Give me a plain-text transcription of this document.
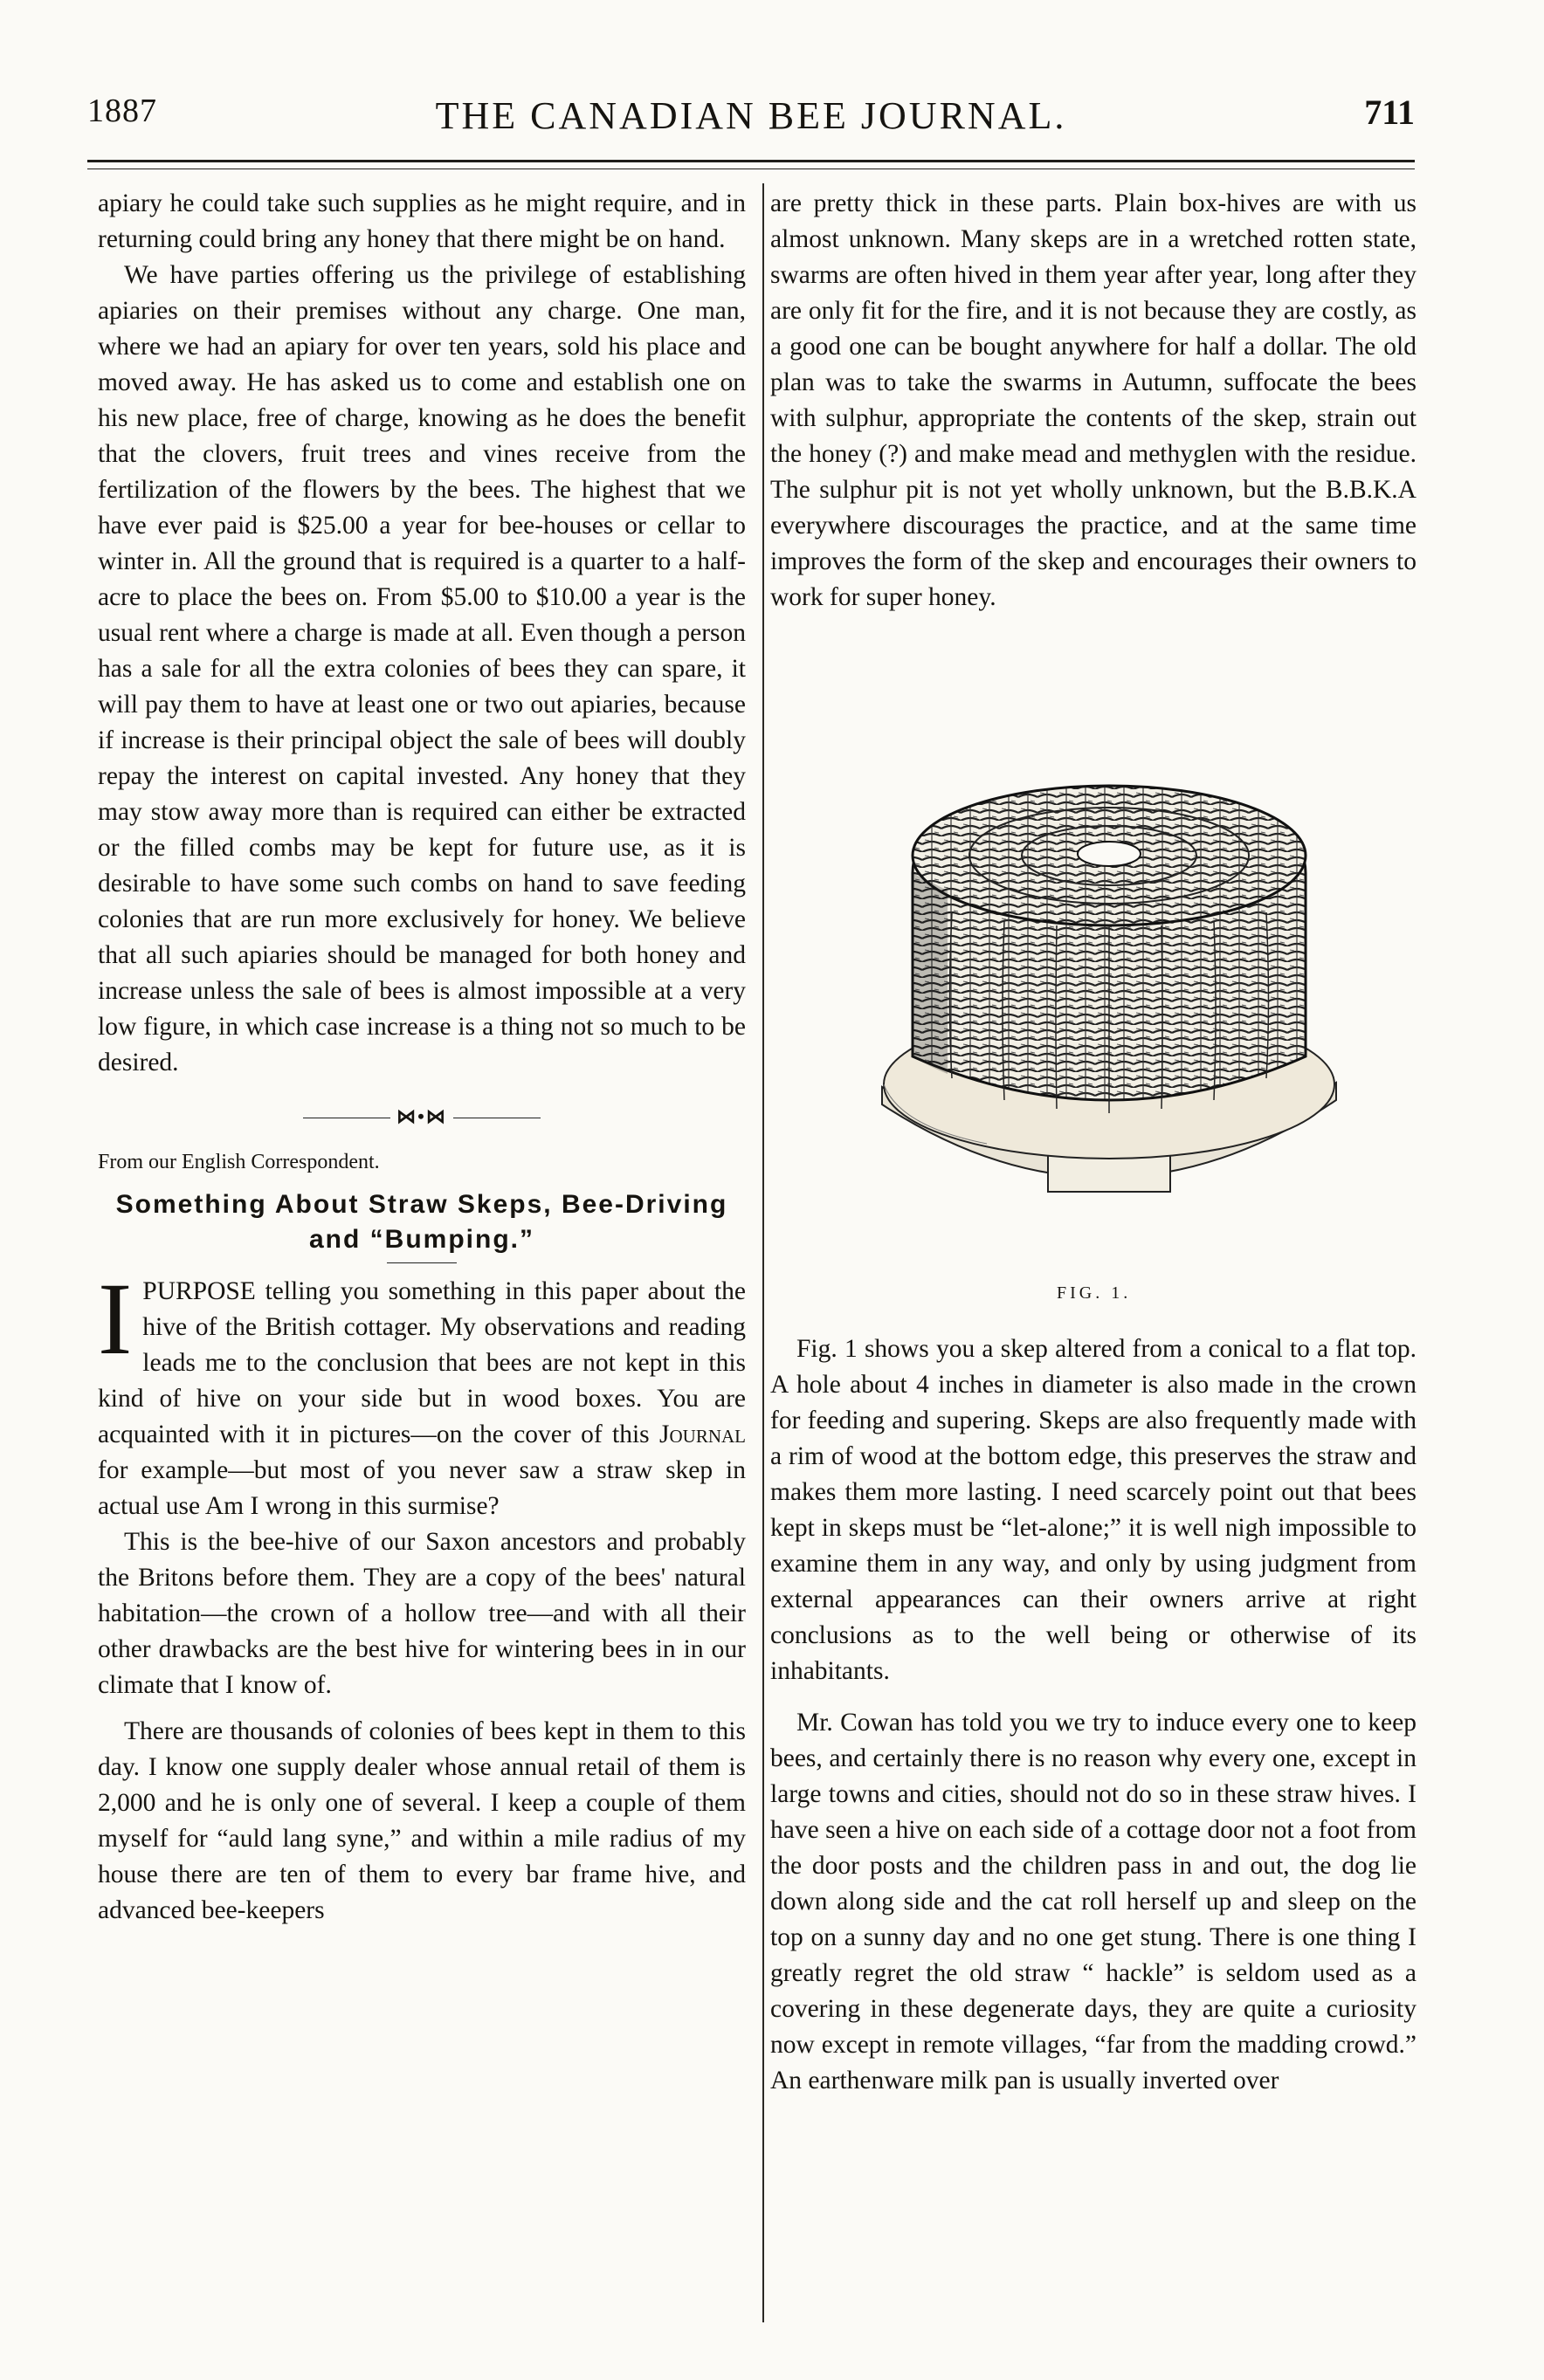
1887	THE CANADIAN BEE JOURNAL.	711

apiary he could take such supplies as he might require, and in returning could bring any honey that there might be on hand.

We have parties offering us the privilege of establishing apiaries on their premises without any charge. One man, where we had an apiary for over ten years, sold his place and moved away. He has asked us to come and establish one on his new place, free of charge, knowing as he does the benefit that the clovers, fruit trees and vines receive from the fertilization of the flowers by the bees. The highest that we have ever paid is $25.00 a year for bee-houses or cellar to winter in. All the ground that is required is a quarter to a half-acre to place the bees on. From $5.00 to $10.00 a year is the usual rent where a charge is made at all. Even though a person has a sale for all the extra colonies of bees they can spare, it will pay them to have at least one or two out apiaries, because if increase is their principal object the sale of bees will doubly repay the interest on capital invested. Any honey that they may stow away more than is required can either be extracted or the filled combs may be kept for future use, as it is desirable to have some such combs on hand to save feeding colonies that are run more exclusively for honey. We believe that all such apiaries should be managed for both honey and increase unless the sale of bees is almost impossible at a very low figure, in which case increase is a thing not so much to be desired.

⋈•⋈
From our English Correspondent.
Something About Straw Skeps, Bee-Driving and “Bumping.”
I PURPOSE telling you something in this paper about the hive of the British cottager. My observations and reading leads me to the conclusion that bees are not kept in this kind of hive on your side but in wood boxes. You are acquainted with it in pictures—on the cover of this Journal for example—but most of you never saw a straw skep in actual use Am I wrong in this surmise?

This is the bee-hive of our Saxon ancestors and probably the Britons before them. They are a copy of the bees' natural habitation—the crown of a hollow tree—and with all their other drawbacks are the best hive for wintering bees in in our climate that I know of.

There are thousands of colonies of bees kept in them to this day. I know one supply dealer whose annual retail of them is 2,000 and he is only one of several. I keep a couple of them myself for “auld lang syne,” and within a mile radius of my house there are ten of them to every bar frame hive, and advanced bee-keepers

are pretty thick in these parts. Plain box-hives are with us almost unknown. Many skeps are in a wretched rotten state, swarms are often hived in them year after year, long after they are only fit for the fire, and it is not because they are costly, as a good one can be bought anywhere for half a dollar. The old plan was to take the swarms in Autumn, suffocate the bees with sulphur, appropriate the contents of the skep, strain out the honey (?) and make mead and methyglen with the residue. The sulphur pit is not yet wholly unknown, but the B.B.K.A everywhere discourages the practice, and at the same time improves the form of the skep and encourages their owners to work for super honey.

FIG. 1.

Fig. 1 shows you a skep altered from a conical to a flat top. A hole about 4 inches in diameter is also made in the crown for feeding and supering. Skeps are also frequently made with a rim of wood at the bottom edge, this preserves the straw and makes them more lasting. I need scarcely point out that bees kept in skeps must be “let-alone;” it is well nigh impossible to examine them in any way, and only by using judgment from external appearances can their owners arrive at right conclusions as to the well being or otherwise of its inhabitants.

Mr. Cowan has told you we try to induce every one to keep bees, and certainly there is no reason why every one, except in large towns and cities, should not do so in these straw hives. I have seen a hive on each side of a cottage door not a foot from the door posts and the children pass in and out, the dog lie down along side and the cat roll herself up and sleep on the top on a sunny day and no one get stung. There is one thing I greatly regret the old straw “ hackle” is seldom used as a covering in these degenerate days, they are quite a curiosity now except in remote villages, “far from the madding crowd.” An earthenware milk pan is usually inverted over
